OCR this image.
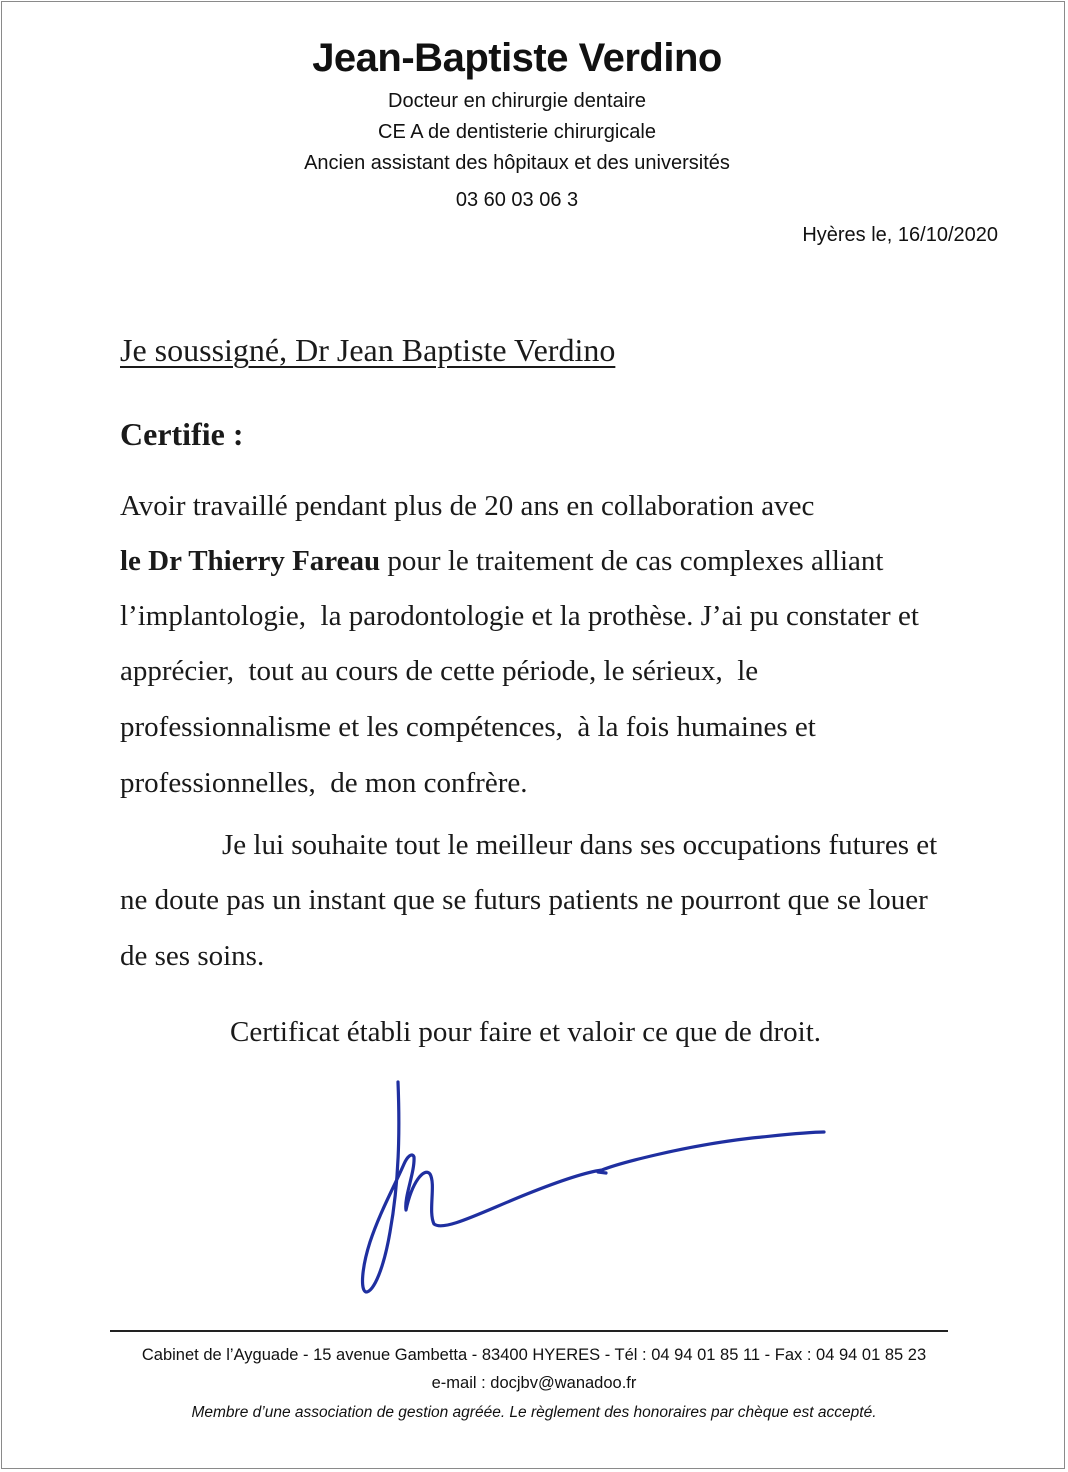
Jean-Baptiste Verdino
Docteur en chirurgie dentaire
CE A de dentisterie chirurgicale
Ancien assistant des hôpitaux et des universités
03 60 03 06 3
Hyères le, 16/10/2020
Je soussigné, Dr Jean Baptiste Verdino
Certifie :
Avoir travaillé pendant plus de 20 ans en collaboration avec
le Dr Thierry Fareau pour le traitement de cas complexes alliant
l’implantologie,  la parodontologie et la prothèse. J’ai pu constater et
apprécier,  tout au cours de cette période, le sérieux,  le
professionnalisme et les compétences,  à la fois humaines et
professionnelles,  de mon confrère.
Je lui souhaite tout le meilleur dans ses occupations futures et
ne doute pas un instant que se futurs patients ne pourront que se louer
de ses soins.
Certificat établi pour faire et valoir ce que de droit.
Cabinet de l’Ayguade - 15 avenue Gambetta - 83400 HYERES - Tél : 04 94 01 85 11 - Fax : 04 94 01 85 23
e-mail : docjbv@wanadoo.fr
Membre d’une association de gestion agréée. Le règlement des honoraires par chèque est accepté.
